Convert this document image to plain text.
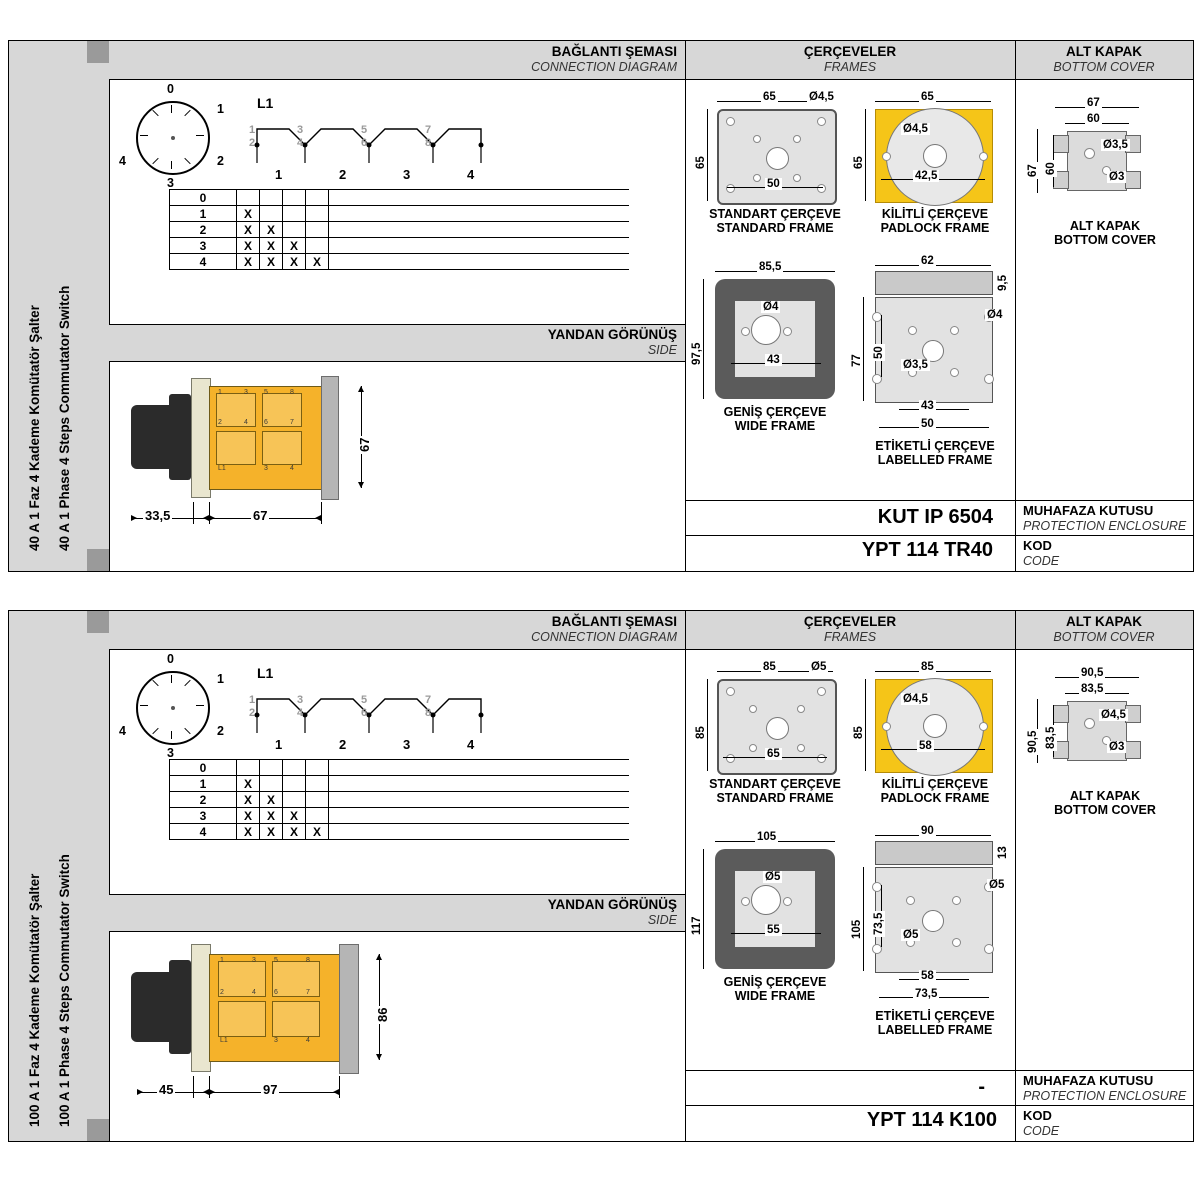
40 A 1 Faz 4 Kademe Komütatör Şalter 40 A 1 Phase 4 Steps Commutator Switch
BAĞLANTI ŞEMASI
CONNECTION DIAGRAM
ÇERÇEVELER
FRAMES
ALT KAPAK
BOTTOM COVER
0
1
2
3
4
L1
1
2
3
4
5
6
7
8
1	2	3	4
0					
1	X				
2	X	X			
3	X	X	X		
4	X	X	X	X	
YANDAN GÖRÜNÜŞ
SIDE
1	3 5	8
2	4 6	7
L1	3	4
33,5	67
67
65	Ø4,5
65
50
STANDART ÇERÇEVE
STANDARD FRAME
65
65
Ø4,5
42,5
KİLİTLİ ÇERÇEVE
PADLOCK FRAME
85,5
97,5
Ø4
43
GENİŞ ÇERÇEVE
WIDE FRAME
62
9,5
77
50
Ø4
Ø3,5
43
50
ETİKETLİ ÇERÇEVE
LABELLED FRAME
67
60
67 60
Ø3,5
Ø3
ALT KAPAK
BOTTOM COVER
MUHAFAZA KUTUSU
PROTECTION ENCLOSURE
KUT IP 6504
KOD
CODE
YPT 114 TR40
100 A 1 Faz 4 Kademe Komütatör Şalter 100 A 1 Phase 4 Steps Commutator Switch
BAĞLANTI ŞEMASI
CONNECTION DIAGRAM
ÇERÇEVELER
FRAMES
ALT KAPAK
BOTTOM COVER
0
1
2
3
4
L1
1
2
3
4
5
6
7
8
1	2	3	4
0					
1	X				
2	X	X			
3	X	X	X		
4	X	X	X	X	
YANDAN GÖRÜNÜŞ
SIDE
1	3	5	8
2	4	6	7
L1	3	4
45	97
86
85	Ø5
85
65
STANDART ÇERÇEVE
STANDARD FRAME
85
85
Ø4,5
58
KİLİTLİ ÇERÇEVE
PADLOCK FRAME
105
117
Ø5
55
GENİŞ ÇERÇEVE
WIDE FRAME
90
13
105 73,5
Ø5
Ø5
58
73,5
ETİKETLİ ÇERÇEVE
LABELLED FRAME
90,5
83,5
90,5 83,5
Ø4,5
Ø3
ALT KAPAK
BOTTOM COVER
MUHAFAZA KUTUSU
PROTECTION ENCLOSURE
-
KOD
CODE
YPT 114 K100
